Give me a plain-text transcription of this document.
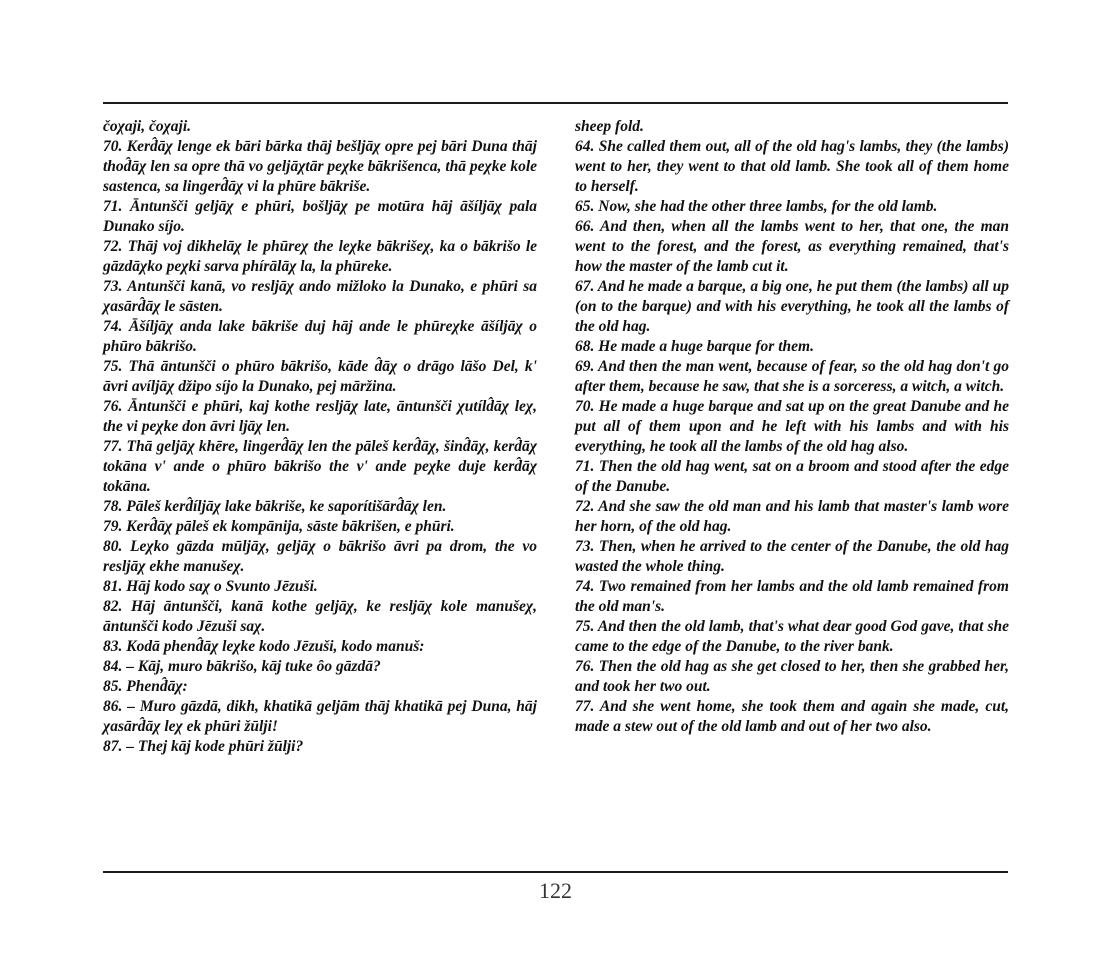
čoχaji, čoχaji.

70. Kerd̂āχ lenge ek bāri bārka thāj bešljāχ opre pej bāri Duna thāj thod̂āχ len sa opre thā vo geljāχtār peχke bākrišenca, thā peχke kole sastenca, sa lingerd̂āχ vi la phūre bākriše.

71. Āntunšči geljāχ e phūri, bošljāχ pe motūra hāj āšíljāχ pala Dunako síjo.

72. Thāj voj dikhelāχ le phūreχ the leχke bākrišeχ, ka o bākrišo le gāzdāχko peχki sarva phírālāχ la, la phūreke.

73. Antunšči kanā, vo resljāχ ando mižloko la Dunako, e phūri sa χasārd̂āχ le sāsten.

74. Āšíljāχ anda lake bākriše duj hāj ande le phūreχke āšíljāχ o phūro bākrišo.

75. Thā āntunšči o phūro bākrišo, kāde d̂āχ o drāgo lāšo Del, k' āvri avíljāχ džipo síjo la Dunako, pej māržina.

76. Āntunšči e phūri, kaj kothe resljāχ late, āntunšči χutíld̂āχ leχ, the vi peχke don āvri ljāχ len.

77. Thā geljāχ khēre, lingerd̂āχ len the pāleš kerd̂āχ, šind̂āχ, kerd̂āχ tokāna v' ande o phūro bākrišo the v' ande peχke duje kerd̂āχ tokāna.

78. Pāleš kerd̂íljāχ lake bākriše, ke saporítišārd̂āχ len.

79. Kerd̂āχ pāleš ek kompānija, sāste bākrišen, e phūri.

80. Leχko gāzda mūljāχ, geljāχ o bākrišo āvri pa drom, the vo resljāχ ekhe manušeχ.

81. Hāj kodo saχ o Svunto Jēzuši.

82. Hāj āntunšči, kanā kothe geljāχ, ke resljāχ kole manušeχ, āntunšči kodo Jēzuši saχ.

83. Kodā phend̂āχ leχke kodo Jēzuši, kodo manuš:

84. – Kāj, muro bākrišo, kāj tuke ȏo gāzdā?

85. Phend̂āχ:

86. – Muro gāzdā, dikh, khatikā geljām thāj khatikā pej Duna, hāj χasārd̂āχ leχ ek phūri žūlji!

87. – Thej kāj kode phūri žūlji?

sheep fold.

64. She called them out, all of the old hag's lambs, they (the lambs) went to her, they went to that old lamb. She took all of them home to herself.

65. Now, she had the other three lambs, for the old lamb.

66. And then, when all the lambs went to her, that one, the man went to the forest, and the forest, as everything remained, that's how the master of the lamb cut it.

67. And he made a barque, a big one, he put them (the lambs) all up (on to the barque) and with his everything, he took all the lambs of the old hag.

68. He made a huge barque for them.

69. And then the man went, because of fear, so the old hag don't go after them, because he saw, that she is a sorceress, a witch, a witch.

70. He made a huge barque and sat up on the great Danube and he put all of them upon and he left with his lambs and with his everything, he took all the lambs of the old hag also.

71. Then the old hag went, sat on a broom and stood after the edge of the Danube.

72. And she saw the old man and his lamb that master's lamb wore her horn, of the old hag.

73. Then, when he arrived to the center of the Danube, the old hag wasted the whole thing.

74. Two remained from her lambs and the old lamb remained from the old man's.

75. And then the old lamb, that's what dear good God gave, that she came to the edge of the Danube, to the river bank.

76. Then the old hag as she get closed to her, then she grabbed her, and took her two out.

77. And she went home, she took them and again she made, cut, made a stew out of the old lamb and out of her two also.

122
